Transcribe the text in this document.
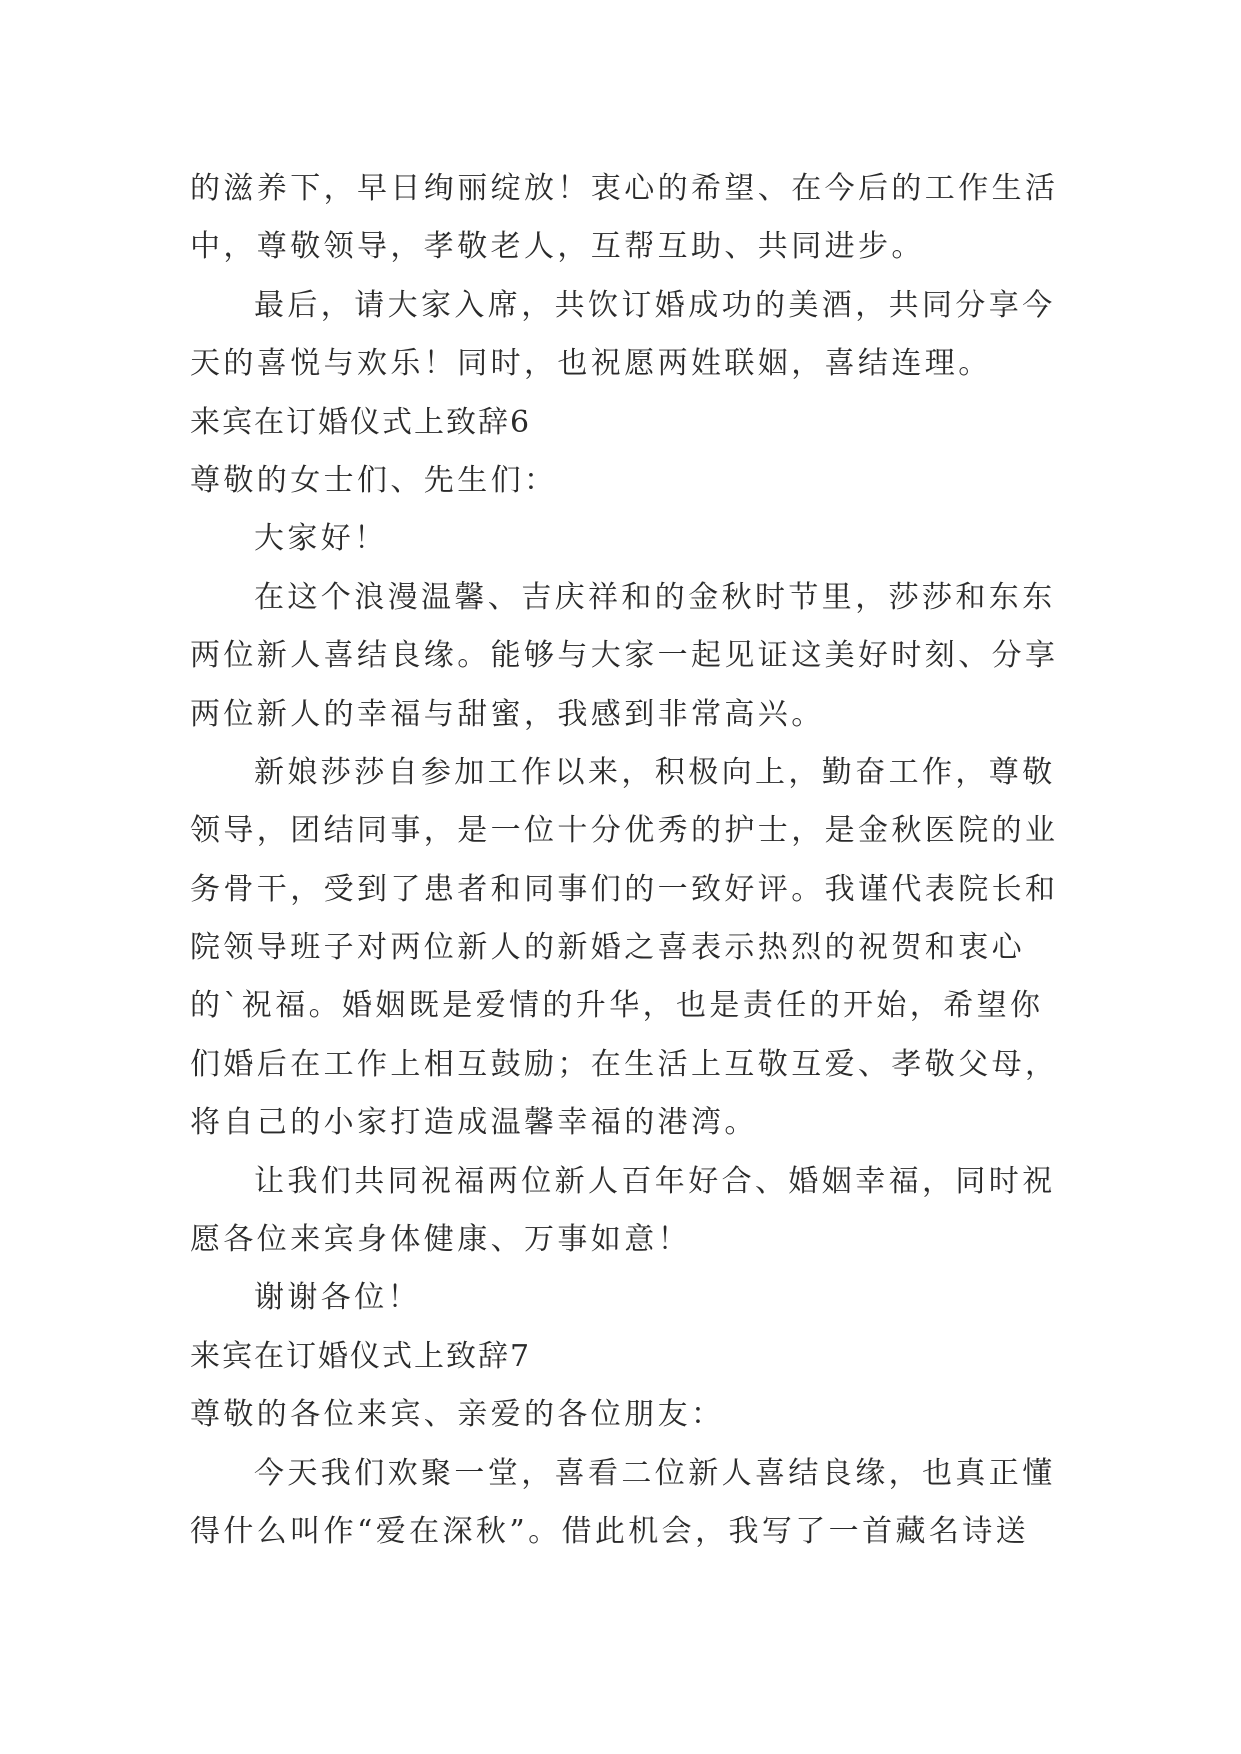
的滋养下，早日绚丽绽放！衷心的希望、在今后的工作生活
中，尊敬领导，孝敬老人，互帮互助、共同进步。
最后，请大家入席，共饮订婚成功的美酒，共同分享今
天的喜悦与欢乐！同时，也祝愿两姓联姻，喜结连理。
来宾在订婚仪式上致辞6
尊敬的女士们、先生们：
大家好！
在这个浪漫温馨、吉庆祥和的金秋时节里，莎莎和东东
两位新人喜结良缘。能够与大家一起见证这美好时刻、分享
两位新人的幸福与甜蜜，我感到非常高兴。
新娘莎莎自参加工作以来，积极向上，勤奋工作，尊敬
领导，团结同事，是一位十分优秀的护士，是金秋医院的业
务骨干，受到了患者和同事们的一致好评。我谨代表院长和
院领导班子对两位新人的新婚之喜表示热烈的祝贺和衷心
的`祝福。婚姻既是爱情的升华，也是责任的开始，希望你
们婚后在工作上相互鼓励；在生活上互敬互爱、孝敬父母，
将自己的小家打造成温馨幸福的港湾。
让我们共同祝福两位新人百年好合、婚姻幸福，同时祝
愿各位来宾身体健康、万事如意！
谢谢各位！
来宾在订婚仪式上致辞7
尊敬的各位来宾、亲爱的各位朋友：
今天我们欢聚一堂，喜看二位新人喜结良缘，也真正懂
得什么叫作“爱在深秋”。借此机会，我写了一首藏名诗送
